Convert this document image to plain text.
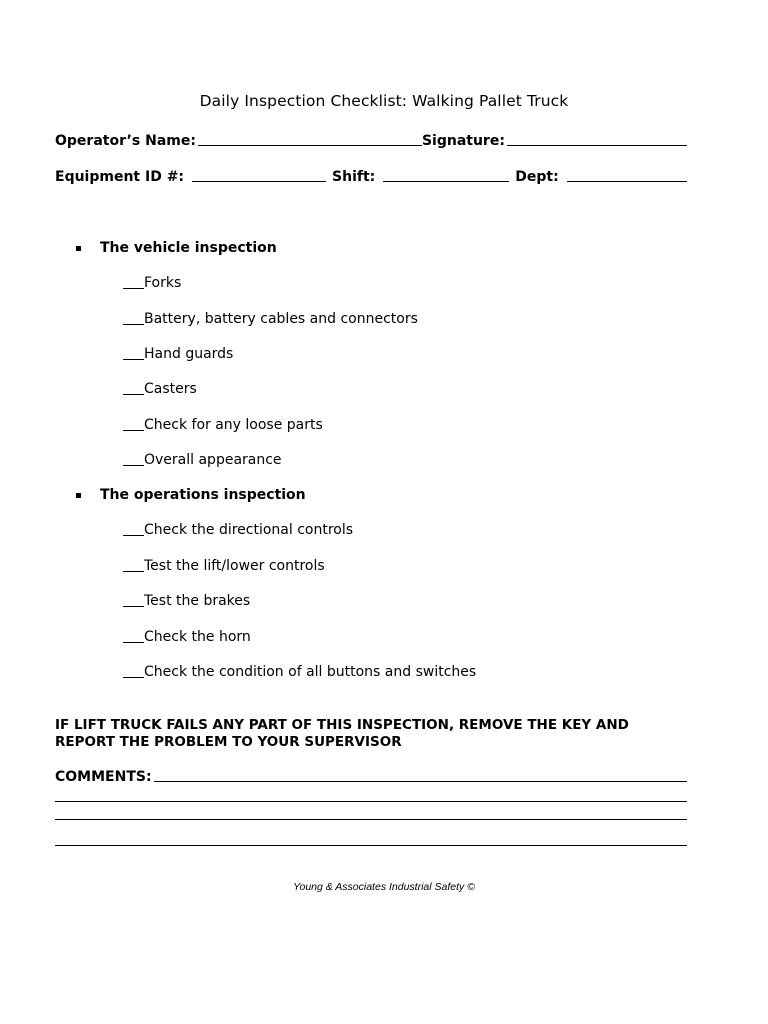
Daily Inspection Checklist: Walking Pallet Truck
Operator’s Name:	Signature:
Equipment ID #:	Shift:	Dept:
The vehicle inspection
Forks
Battery, battery cables and connectors
Hand guards
Casters
Check for any loose parts
Overall appearance
The operations inspection
Check the directional controls
Test the lift/lower controls
Test the brakes
Check the horn
Check the condition of all buttons and switches
IF LIFT TRUCK FAILS ANY PART OF THIS INSPECTION, REMOVE THE KEY AND
REPORT THE PROBLEM TO YOUR SUPERVISOR
COMMENTS:
Young & Associates Industrial Safety ©
